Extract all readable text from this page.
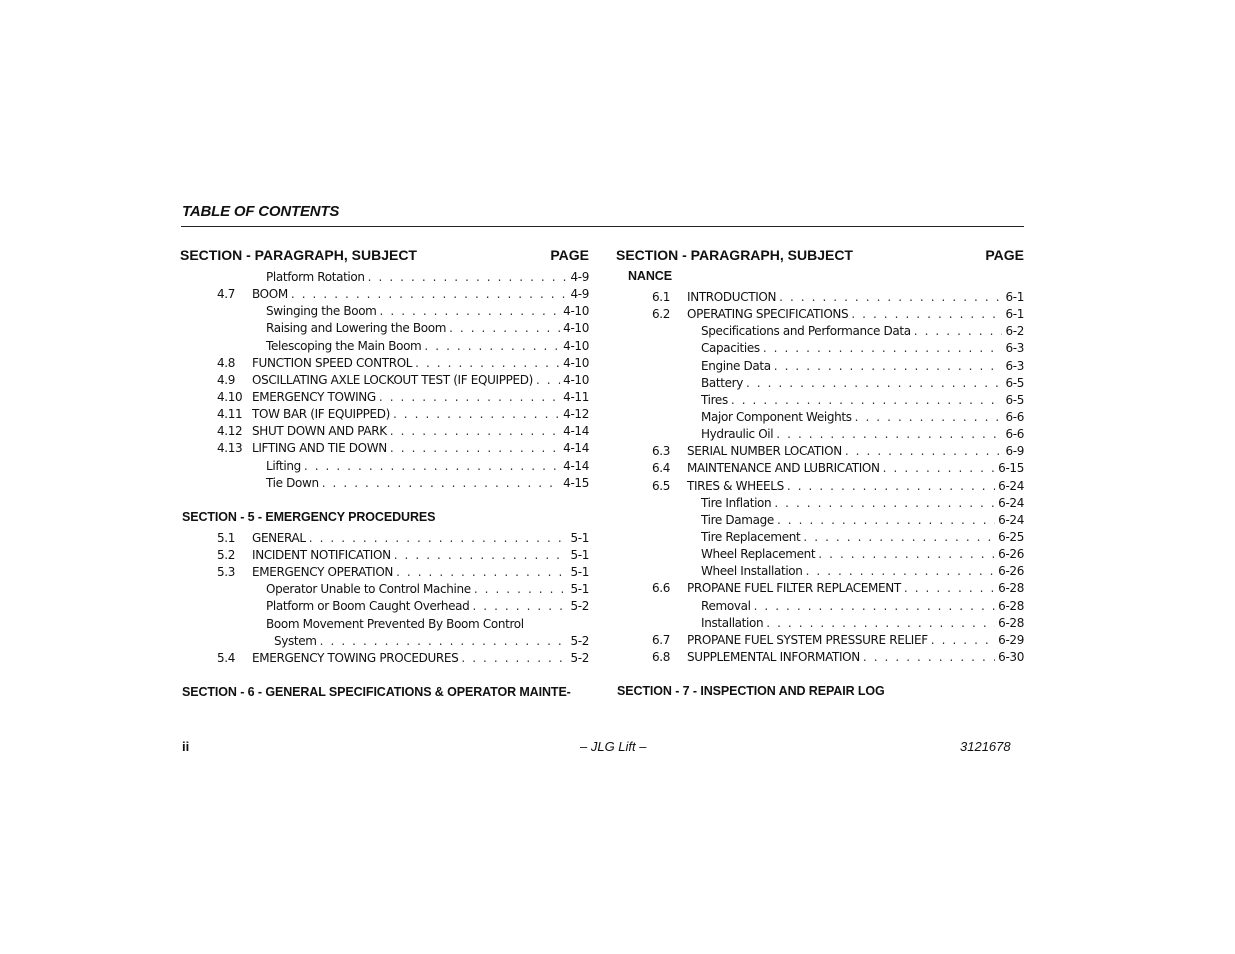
TABLE OF CONTENTS
SECTION - PARAGRAPH, SUBJECT	PAGE
Platform Rotation . . .	4-9
4.7	BOOM . . .	4-9
Swinging the Boom . . .	4-10
Raising and Lowering the Boom . . .	4-10
Telescoping the Main Boom . . .	4-10
4.8	FUNCTION SPEED CONTROL . . .	4-10
4.9	OSCILLATING AXLE LOCKOUT TEST (IF EQUIPPED) . . .	4-10
4.10 EMERGENCY TOWING . . .	4-11
4.11 TOW BAR (IF EQUIPPED) . . .	4-12
4.12 SHUT DOWN AND PARK . . .	4-14
4.13 LIFTING AND TIE DOWN . . .	4-14
Lifting . . .	4-14
Tie Down . . .	4-15
SECTION - 5 - EMERGENCY PROCEDURES
5.1	GENERAL . . .	5-1
5.2	INCIDENT NOTIFICATION . . .	5-1
5.3	EMERGENCY OPERATION . . .	5-1
Operator Unable to Control Machine . . .	5-1
Platform or Boom Caught Overhead . . .	5-2
Boom Movement Prevented By Boom Control
System . . .	5-2
5.4	EMERGENCY TOWING PROCEDURES . . .	5-2
SECTION - 6 - GENERAL SPECIFICATIONS & OPERATOR MAINTE-
SECTION - PARAGRAPH, SUBJECT	PAGE
NANCE
6.1	INTRODUCTION . . .	6-1
6.2	OPERATING SPECIFICATIONS . . .	6-1
Specifications and Performance Data . . .	6-2
Capacities . . .	6-3
Engine Data . . .	6-3
Battery . . .	6-5
Tires . . .	6-5
Major Component Weights . . .	6-6
Hydraulic Oil . . .	6-6
6.3	SERIAL NUMBER LOCATION . . .	6-9
6.4	MAINTENANCE AND LUBRICATION . . .	6-15
6.5	TIRES & WHEELS . . .	6-24
Tire Inflation . . .	6-24
Tire Damage . . .	6-24
Tire Replacement . . .	6-25
Wheel Replacement . . .	6-26
Wheel Installation . . .	6-26
6.6	PROPANE FUEL FILTER REPLACEMENT . . .	6-28
Removal . . .	6-28
Installation . . .	6-28
6.7	PROPANE FUEL SYSTEM PRESSURE RELIEF . . .	6-29
6.8	SUPPLEMENTAL INFORMATION . . .	6-30
SECTION - 7 - INSPECTION AND REPAIR LOG
ii	– JLG Lift –	3121678
